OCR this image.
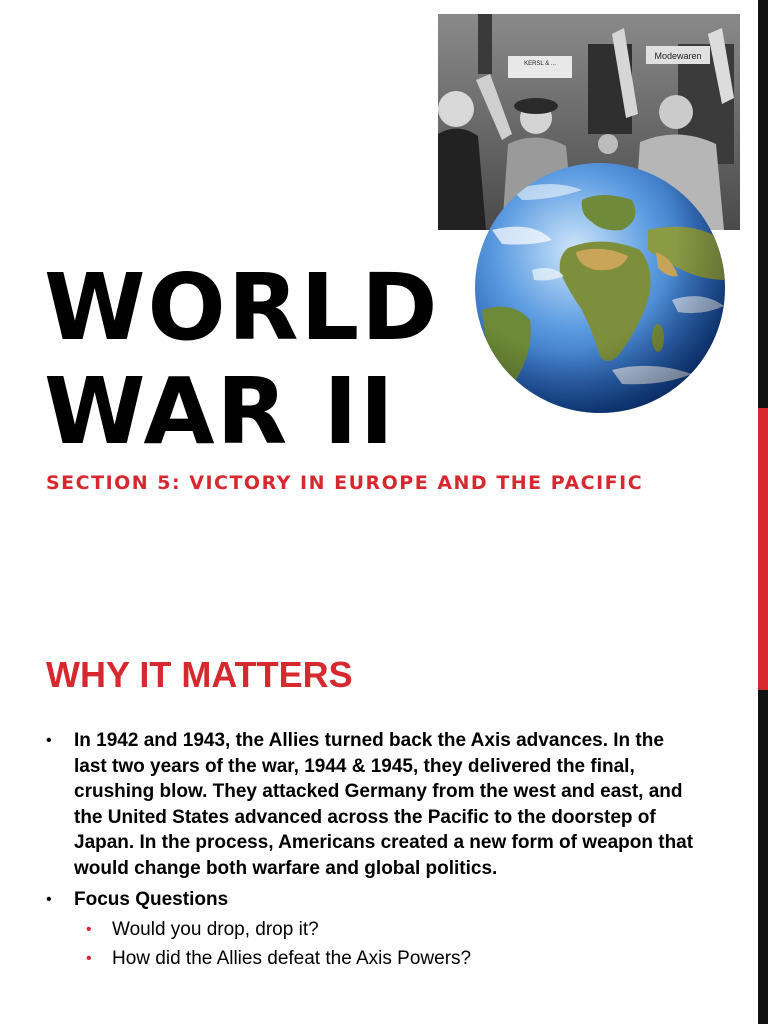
KERSL & ...
Modewaren
WORLD
WAR II

SECTION 5: VICTORY IN EUROPE AND THE PACIFIC

WHY IT MATTERS
• In 1942 and 1943, the Allies turned back the Axis advances. In the last two years of the war, 1944 & 1945, they delivered the final, crushing blow. They attacked Germany from the west and east, and the United States advanced across the Pacific to the doorstep of Japan. In the process, Americans created a new form of weapon that would change both warfare and global politics.
• Focus Questions
• Would you drop, drop it?
• How did the Allies defeat the Axis Powers?
